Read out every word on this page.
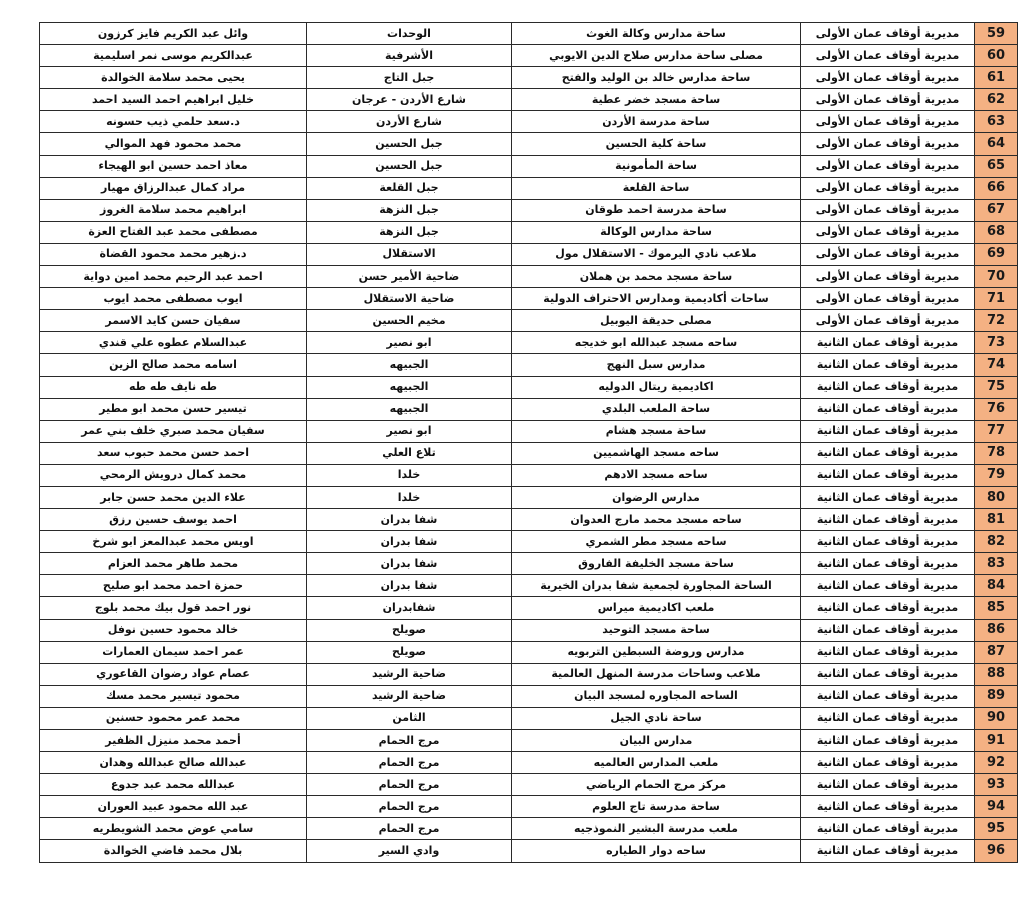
59	مديرية أوقاف عمان الأولى	ساحة مدارس وكالة الغوث	الوحدات	وائل عبد الكريم فايز كرزون
60	مديرية أوقاف عمان الأولى	مصلى ساحة مدارس صلاح الدين الايوبي	الأشرفية	عبدالكريم موسى نمر اسليمية
61	مديرية أوقاف عمان الأولى	ساحة مدارس خالد بن الوليد والفتح	جبل التاج	يحيى محمد سلامة الخوالدة
62	مديرية أوقاف عمان الأولى	ساحة مسجد خضر عطية	شارع الأردن - عرجان	خليل ابراهيم احمد السيد احمد
63	مديرية أوقاف عمان الأولى	ساحة مدرسة الأردن	شارع الأردن	د.سعد حلمي ذيب حسونه
64	مديرية أوقاف عمان الأولى	ساحة كلية الحسين	جبل الحسين	محمد محمود فهد الموالي
65	مديرية أوقاف عمان الأولى	ساحة المأمونية	جبل الحسين	معاذ احمد حسين ابو الهيجاء
66	مديرية أوقاف عمان الأولى	ساحة القلعة	جبل القلعة	مراد كمال عبدالرزاق مهيار
67	مديرية أوقاف عمان الأولى	ساحة مدرسة احمد طوقان	جبل النزهة	ابراهيم محمد سلامة الغروز
68	مديرية أوقاف عمان الأولى	ساحة مدارس الوكالة	جبل النزهة	مصطفى محمد عبد الفتاح العزة
69	مديرية أوقاف عمان الأولى	ملاعب نادي اليرموك - الاستقلال مول	الاستقلال	د.زهير محمد محمود القضاة
70	مديرية أوقاف عمان الأولى	ساحة مسجد محمد بن هملان	ضاحية الأمير حسن	احمد عبد الرحيم محمد امين دواية
71	مديرية أوقاف عمان الأولى	ساحات أكاديمية ومدارس الاحتراف الدولية	ضاحية الاستقلال	ايوب مصطفى محمد ايوب
72	مديرية أوقاف عمان الأولى	مصلى حديقة اليوبيل	مخيم الحسين	سفيان حسن كايد الاسمر
73	مديرية أوقاف عمان الثانية	ساحه مسجد عبدالله ابو خديجه	ابو نصير	عبدالسلام عطوه علي قندي
74	مديرية أوقاف عمان الثانية	مدارس سبل النهج	الجبيهه	اسامه محمد صالح الزين
75	مديرية أوقاف عمان الثانية	اكاديمية ريتال الدوليه	الجبيهه	طه نايف طه طه
76	مديرية أوقاف عمان الثانية	ساحة الملعب البلدي	الجبيهه	تيسير حسن محمد ابو مطير
77	مديرية أوقاف عمان الثانية	ساحة مسجد هشام	ابو نصير	سفيان محمد صبري خلف بني عمر
78	مديرية أوقاف عمان الثانية	ساحه مسجد الهاشميين	تلاع العلي	احمد حسن محمد حبوب سعد
79	مديرية أوقاف عمان الثانية	ساحه مسجد الادهم	خلدا	محمد كمال درويش الرمحي
80	مديرية أوقاف عمان الثانية	مدارس الرضوان	خلدا	علاء الدين محمد حسن جابر
81	مديرية أوقاف عمان الثانية	ساحه مسجد محمد مارج العدوان	شفا بدران	احمد يوسف حسين رزق
82	مديرية أوقاف عمان الثانية	ساحه مسجد مطر الشمري	شفا بدران	اويس محمد عبدالمعز ابو شرخ
83	مديرية أوقاف عمان الثانية	ساحة مسجد الخليفة الفاروق	شفا بدران	محمد طاهر محمد العزام
84	مديرية أوقاف عمان الثانية	الساحة المجاورة لجمعية شفا بدران الخيرية	شفا بدران	حمزة احمد محمد ابو صليح
85	مديرية أوقاف عمان الثانية	ملعب اكاديمية ميراس	شفابدران	نور احمد قول بيك محمد بلوج
86	مديرية أوقاف عمان الثانية	ساحة مسجد التوحيد	صويلح	خالد محمود حسين نوفل
87	مديرية أوقاف عمان الثانية	مدارس وروضة السبطين التربويه	صويلح	عمر احمد سيمان العمارات
88	مديرية أوقاف عمان الثانية	ملاعب وساحات مدرسة المنهل العالمية	ضاحية الرشيد	عصام عواد رضوان القاعوري
89	مديرية أوقاف عمان الثانية	الساحه المجاوره لمسجد البيان	ضاحية الرشيد	محمود تيسير محمد مسك
90	مديرية أوقاف عمان الثانية	ساحة نادي الجيل	الثامن	محمد عمر محمود حسنين
91	مديرية أوقاف عمان الثانية	مدارس البيان	مرج الحمام	أحمد محمد منيزل الظفير
92	مديرية أوقاف عمان الثانية	ملعب المدارس العالميه	مرج الحمام	عبدالله صالح عبدالله وهدان
93	مديرية أوقاف عمان الثانية	مركز مرج الحمام الرياضي	مرج الحمام	عبدالله محمد عبد جدوع
94	مديرية أوقاف عمان الثانية	ساحة مدرسة تاج العلوم	مرج الحمام	عبد الله محمود عبيد العوران
95	مديرية أوقاف عمان الثانية	ملعب مدرسة البشير النموذجيه	مرج الحمام	سامي عوض محمد الشويطريه
96	مديرية أوقاف عمان الثانية	ساحه دوار الطياره	وادي السير	بلال محمد فاضي الخوالدة
